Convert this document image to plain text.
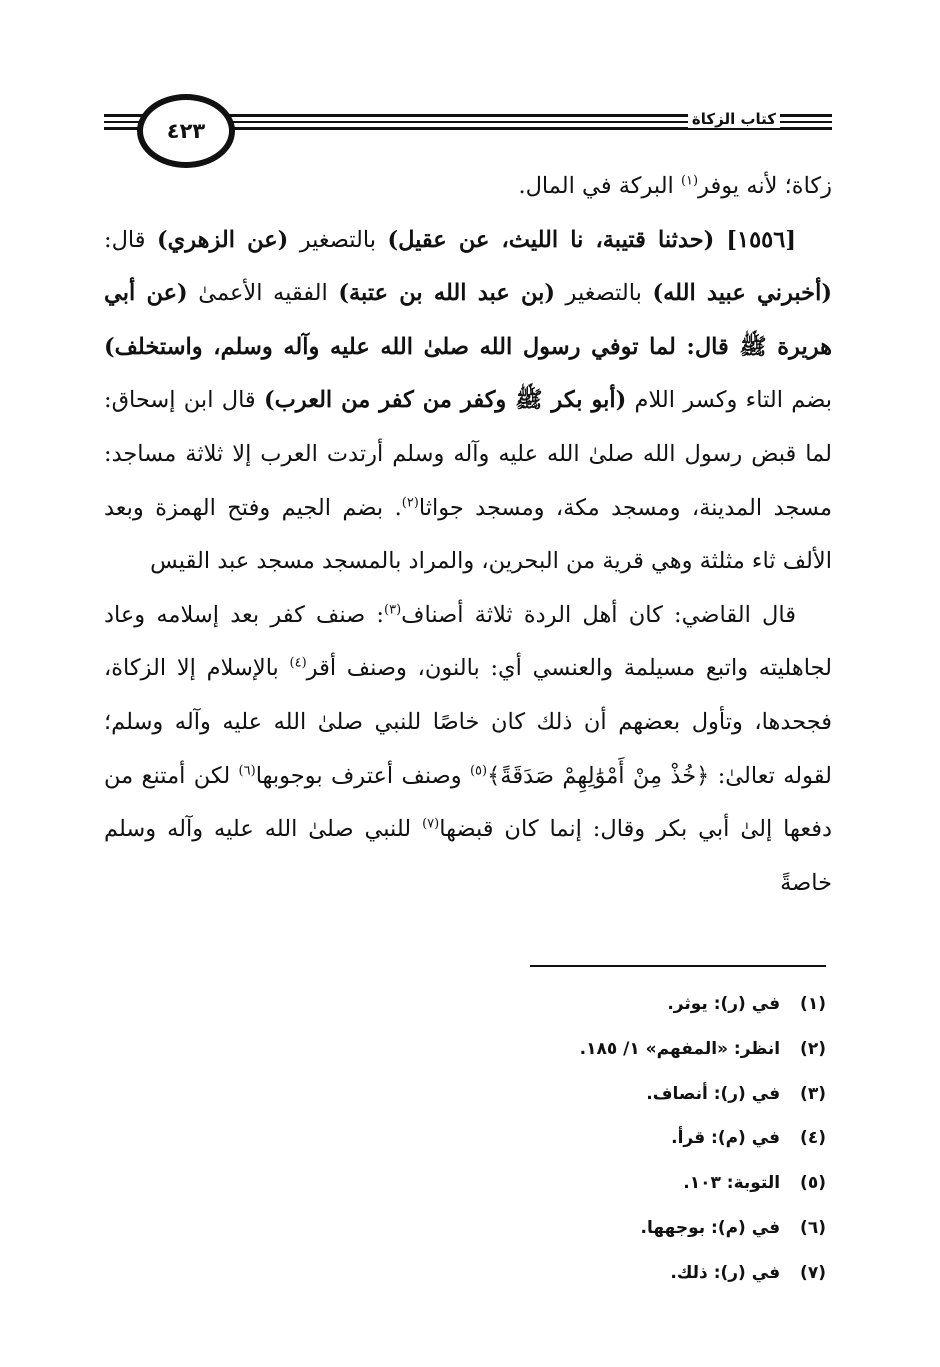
كتاب الزكاة
٤٢٣

زكاة؛ لأنه يوفر$^{(١)}$ البركة في المال.

[١٥٥٦] (حدثنا قتيبة، نا الليث، عن عقيل) بالتصغير (عن الزهري) قال: (أخبرني عبيد الله) بالتصغير (بن عبد الله بن عتبة) الفقيه الأعمىٰ (عن أبي هريرة ﷺ قال: لما توفي رسول الله صلىٰ الله عليه وآله وسلم، واستخلف) بضم التاء وكسر اللام (أبو بكر ﷺ وكفر من كفر من العرب) قال ابن إسحاق: لما قبض رسول الله صلىٰ الله عليه وآله وسلم أرتدت العرب إلا ثلاثة مساجد: مسجد المدينة، ومسجد مكة، ومسجد جواثا$^{(٢)}$. بضم الجيم وفتح الهمزة وبعد الألف ثاء مثلثة وهي قرية من البحرين، والمراد بالمسجد مسجد عبد القيس

قال القاضي: كان أهل الردة ثلاثة أصناف$^{(٣)}$: صنف كفر بعد إسلامه وعاد لجاهليته واتبع مسيلمة والعنسي أي: بالنون، وصنف أقر$^{(٤)}$ بالإسلام إلا الزكاة، فجحدها، وتأول بعضهم أن ذلك كان خاصًا للنبي صلىٰ الله عليه وآله وسلم؛ لقوله تعالىٰ: ﴿خُذْ مِنْ أَمْوَٰلِهِمْ صَدَقَةً﴾$^{(٥)}$ وصنف أعترف بوجوبها$^{(٦)}$ لكن أمتنع من دفعها إلىٰ أبي بكر وقال: إنما كان قبضها$^{(٧)}$ للنبي صلىٰ الله عليه وآله وسلم خاصةً

(١) في (ر): يوثر.
(٢) انظر: «المفهم» ١/ ١٨٥.
(٣) في (ر): أنصاف.
(٤) في (م): قرأ.
(٥) التوبة: ١٠٣.
(٦) في (م): بوجهها.
(٧) في (ر): ذلك.
